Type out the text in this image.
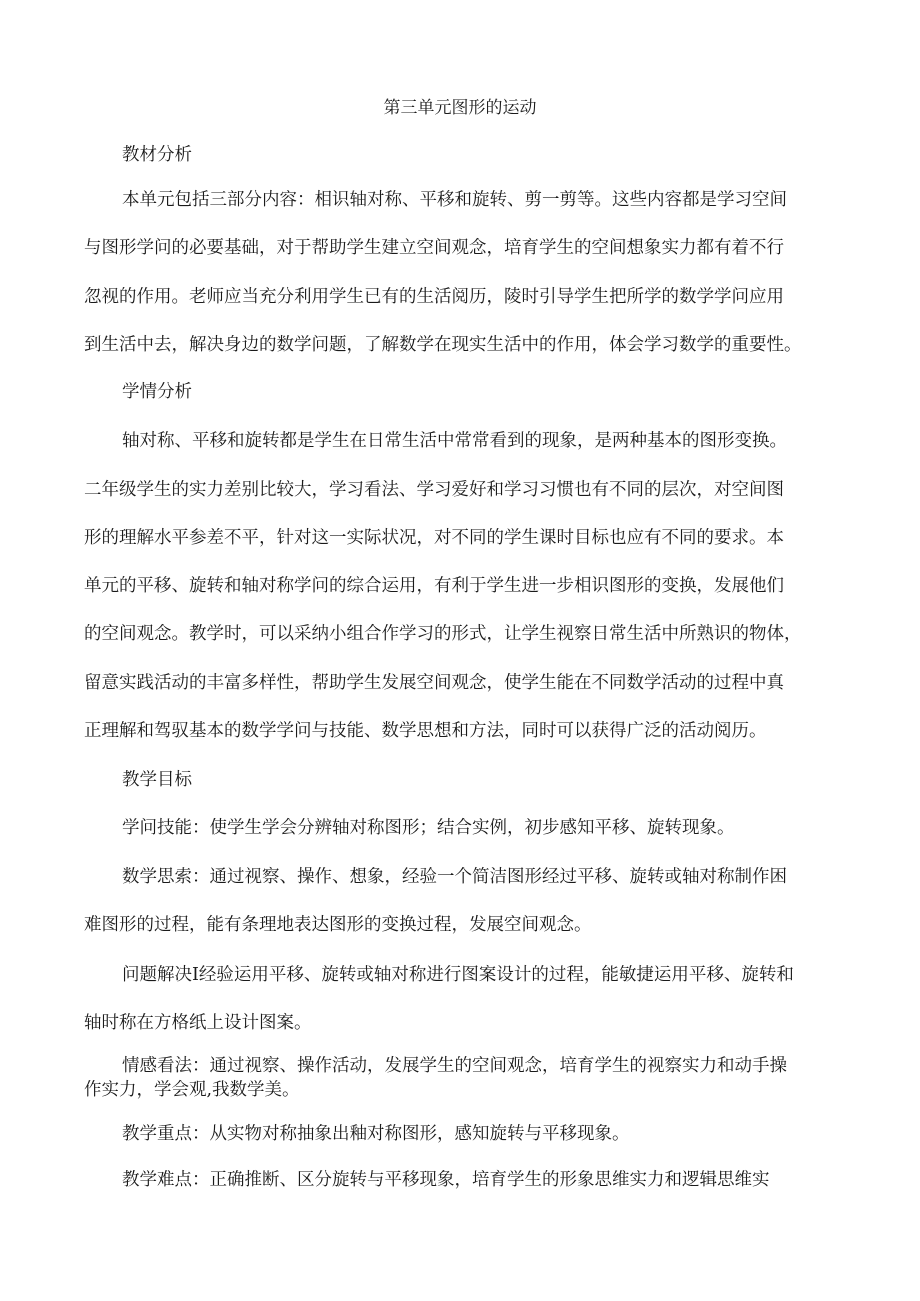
第三单元图形的运动

教材分析

本单元包括三部分内容：相识轴对称、平移和旋转、剪一剪等。这些内容都是学习空间

与图形学问的必要基础，对于帮助学生建立空间观念，培育学生的空间想象实力都有着不行

忽视的作用。老师应当充分利用学生已有的生活阅历，陵时引导学生把所学的数学学问应用

到生活中去，解决身边的数学问题，了解数学在现实生活中的作用，体会学习数学的重要性。

学情分析

轴对称、平移和旋转都是学生在日常生活中常常看到的现象，是两种基本的图形变换。

二年级学生的实力差别比较大，学习看法、学习爱好和学习习惯也有不同的层次，对空间图

形的理解水平参差不平，针对这一实际状况，对不同的学生课时目标也应有不同的要求。本

单元的平移、旋转和轴对称学问的综合运用，有利于学生进一步相识图形的变换，发展他们

的空间观念。教学时，可以采纳小组合作学习的形式，让学生视察日常生活中所熟识的物体，

留意实践活动的丰富多样性，帮助学生发展空间观念，使学生能在不同数学活动的过程中真

正理解和驾驭基本的数学学问与技能、数学思想和方法，同时可以获得广泛的活动阅历。

教学目标

学问技能：使学生学会分辨轴对称图形；结合实例，初步感知平移、旋转现象。

数学思索：通过视察、操作、想象，经验一个简洁图形经过平移、旋转或轴对称制作困

难图形的过程，能有条理地表达图形的变换过程，发展空间观念。

问题解决I经验运用平移、旋转或轴对称进行图案设计的过程，能敏捷运用平移、旋转和

轴时称在方格纸上设计图案。

情感看法：通过视察、操作活动，发展学生的空间观念，培育学生的视察实力和动手操

作实力，学会观,我数学美。

教学重点：从实物对称抽象出釉对称图形，感知旋转与平移现象。

教学难点：正确推断、区分旋转与平移现象，培育学生的形象思维实力和逻辑思维实
